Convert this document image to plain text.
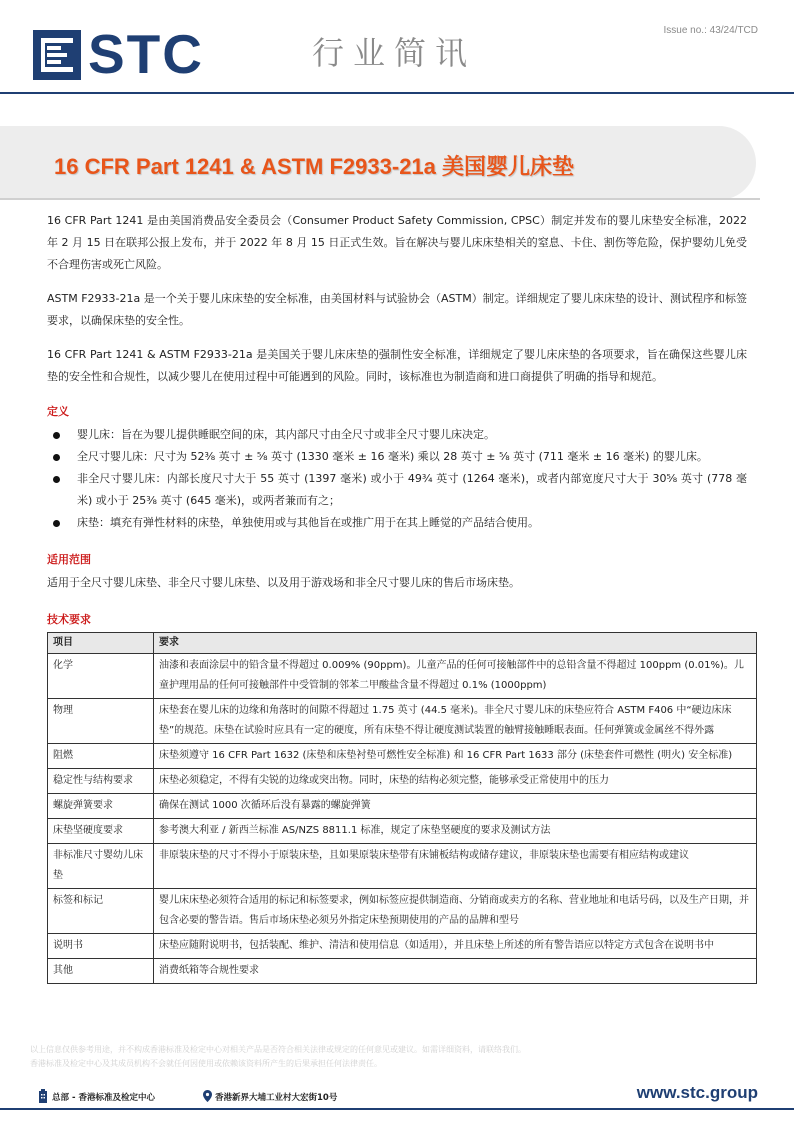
Issue no.: 43/24/TCD
STC	行业简讯
16 CFR Part 1241 & ASTM F2933-21a 美国婴儿床垫

16 CFR Part 1241 是由美国消费品安全委员会（Consumer Product Safety Commission, CPSC）制定并发布的婴儿床垫安全标准，2022 年 2 月 15 日在联邦公报上发布，并于 2022 年 8 月 15 日正式生效。旨在解决与婴儿床床垫相关的窒息、卡住、割伤等危险，保护婴幼儿免受不合理伤害或死亡风险。

ASTM F2933-21a 是一个关于婴儿床床垫的安全标准，由美国材料与试验协会（ASTM）制定。详细规定了婴儿床床垫的设计、测试程序和标签要求，以确保床垫的安全性。

16 CFR Part 1241 & ASTM F2933-21a 是美国关于婴儿床床垫的强制性安全标准，详细规定了婴儿床床垫的各项要求，旨在确保这些婴儿床垫的安全性和合规性，以减少婴儿在使用过程中可能遇到的风险。同时，该标准也为制造商和进口商提供了明确的指导和规范。

定义
婴儿床：旨在为婴儿提供睡眠空间的床，其内部尺寸由全尺寸或非全尺寸婴儿床决定。
全尺寸婴儿床：尺寸为 52⅜ 英寸 ± ⅝ 英寸 (1330 毫米 ± 16 毫米) 乘以 28 英寸 ± ⅝ 英寸 (711 毫米 ± 16 毫米) 的婴儿床。
非全尺寸婴儿床：内部长度尺寸大于 55 英寸 (1397 毫米) 或小于 49¾ 英寸 (1264 毫米)，或者内部宽度尺寸大于 30⅝ 英寸 (778 毫米) 或小于 25⅜ 英寸 (645 毫米)，或两者兼而有之；
床垫：填充有弹性材料的床垫，单独使用或与其他旨在或推广用于在其上睡觉的产品结合使用。
适用范围
适用于全尺寸婴儿床垫、非全尺寸婴儿床垫、以及用于游戏场和非全尺寸婴儿床的售后市场床垫。
技术要求
项目	要求
化学	油漆和表面涂层中的铅含量不得超过 0.009% (90ppm)。儿童产品的任何可接触部件中的总铅含量不得超过 100ppm (0.01%)。儿童护理用品的任何可接触部件中受管制的邻苯二甲酸盐含量不得超过 0.1% (1000ppm)
物理	床垫套在婴儿床的边缘和角落时的间隙不得超过 1.75 英寸 (44.5 毫米)。非全尺寸婴儿床的床垫应符合 ASTM F406 中“硬边床床垫”的规范。床垫在试验时应具有一定的硬度，所有床垫不得让硬度测试装置的触臂接触睡眠表面。任何弹簧或金属丝不得外露
阻燃	床垫须遵守 16 CFR Part 1632 (床垫和床垫衬垫可燃性安全标准) 和 16 CFR Part 1633 部分 (床垫套件可燃性 (明火) 安全标准)
稳定性与结构要求	床垫必须稳定，不得有尖锐的边缘或突出物。同时，床垫的结构必须完整，能够承受正常使用中的压力
螺旋弹簧要求	确保在测试 1000 次循环后没有暴露的螺旋弹簧
床垫坚硬度要求	参考澳大利亚 / 新西兰标准 AS/NZS 8811.1 标准，规定了床垫坚硬度的要求及测试方法
非标准尺寸婴幼儿床垫	非原装床垫的尺寸不得小于原装床垫，且如果原装床垫带有床铺板结构或储存建议，非原装床垫也需要有相应结构或建议
标签和标记	婴儿床床垫必须符合适用的标记和标签要求，例如标签应提供制造商、分销商或卖方的名称、营业地址和电话号码，以及生产日期，并包含必要的警告语。售后市场床垫必须另外指定床垫预期使用的产品的品牌和型号
说明书	床垫应随附说明书，包括装配、维护、清洁和使用信息（如适用），并且床垫上所述的所有警告语应以特定方式包含在说明书中
其他	消费纸箱等合规性要求
以上信息仅供参考用途，并不构成香港标准及检定中心对相关产品是否符合相关法律或规定的任何意见或建议。如需详细资料，请联络我们。
香港标准及检定中心及其成员机构不会就任何因使用或依赖该资料所产生的后果承担任何法律责任。
总部 - 香港标准及检定中心	香港新界大埔工业村大宏街10号	www.stc.group
